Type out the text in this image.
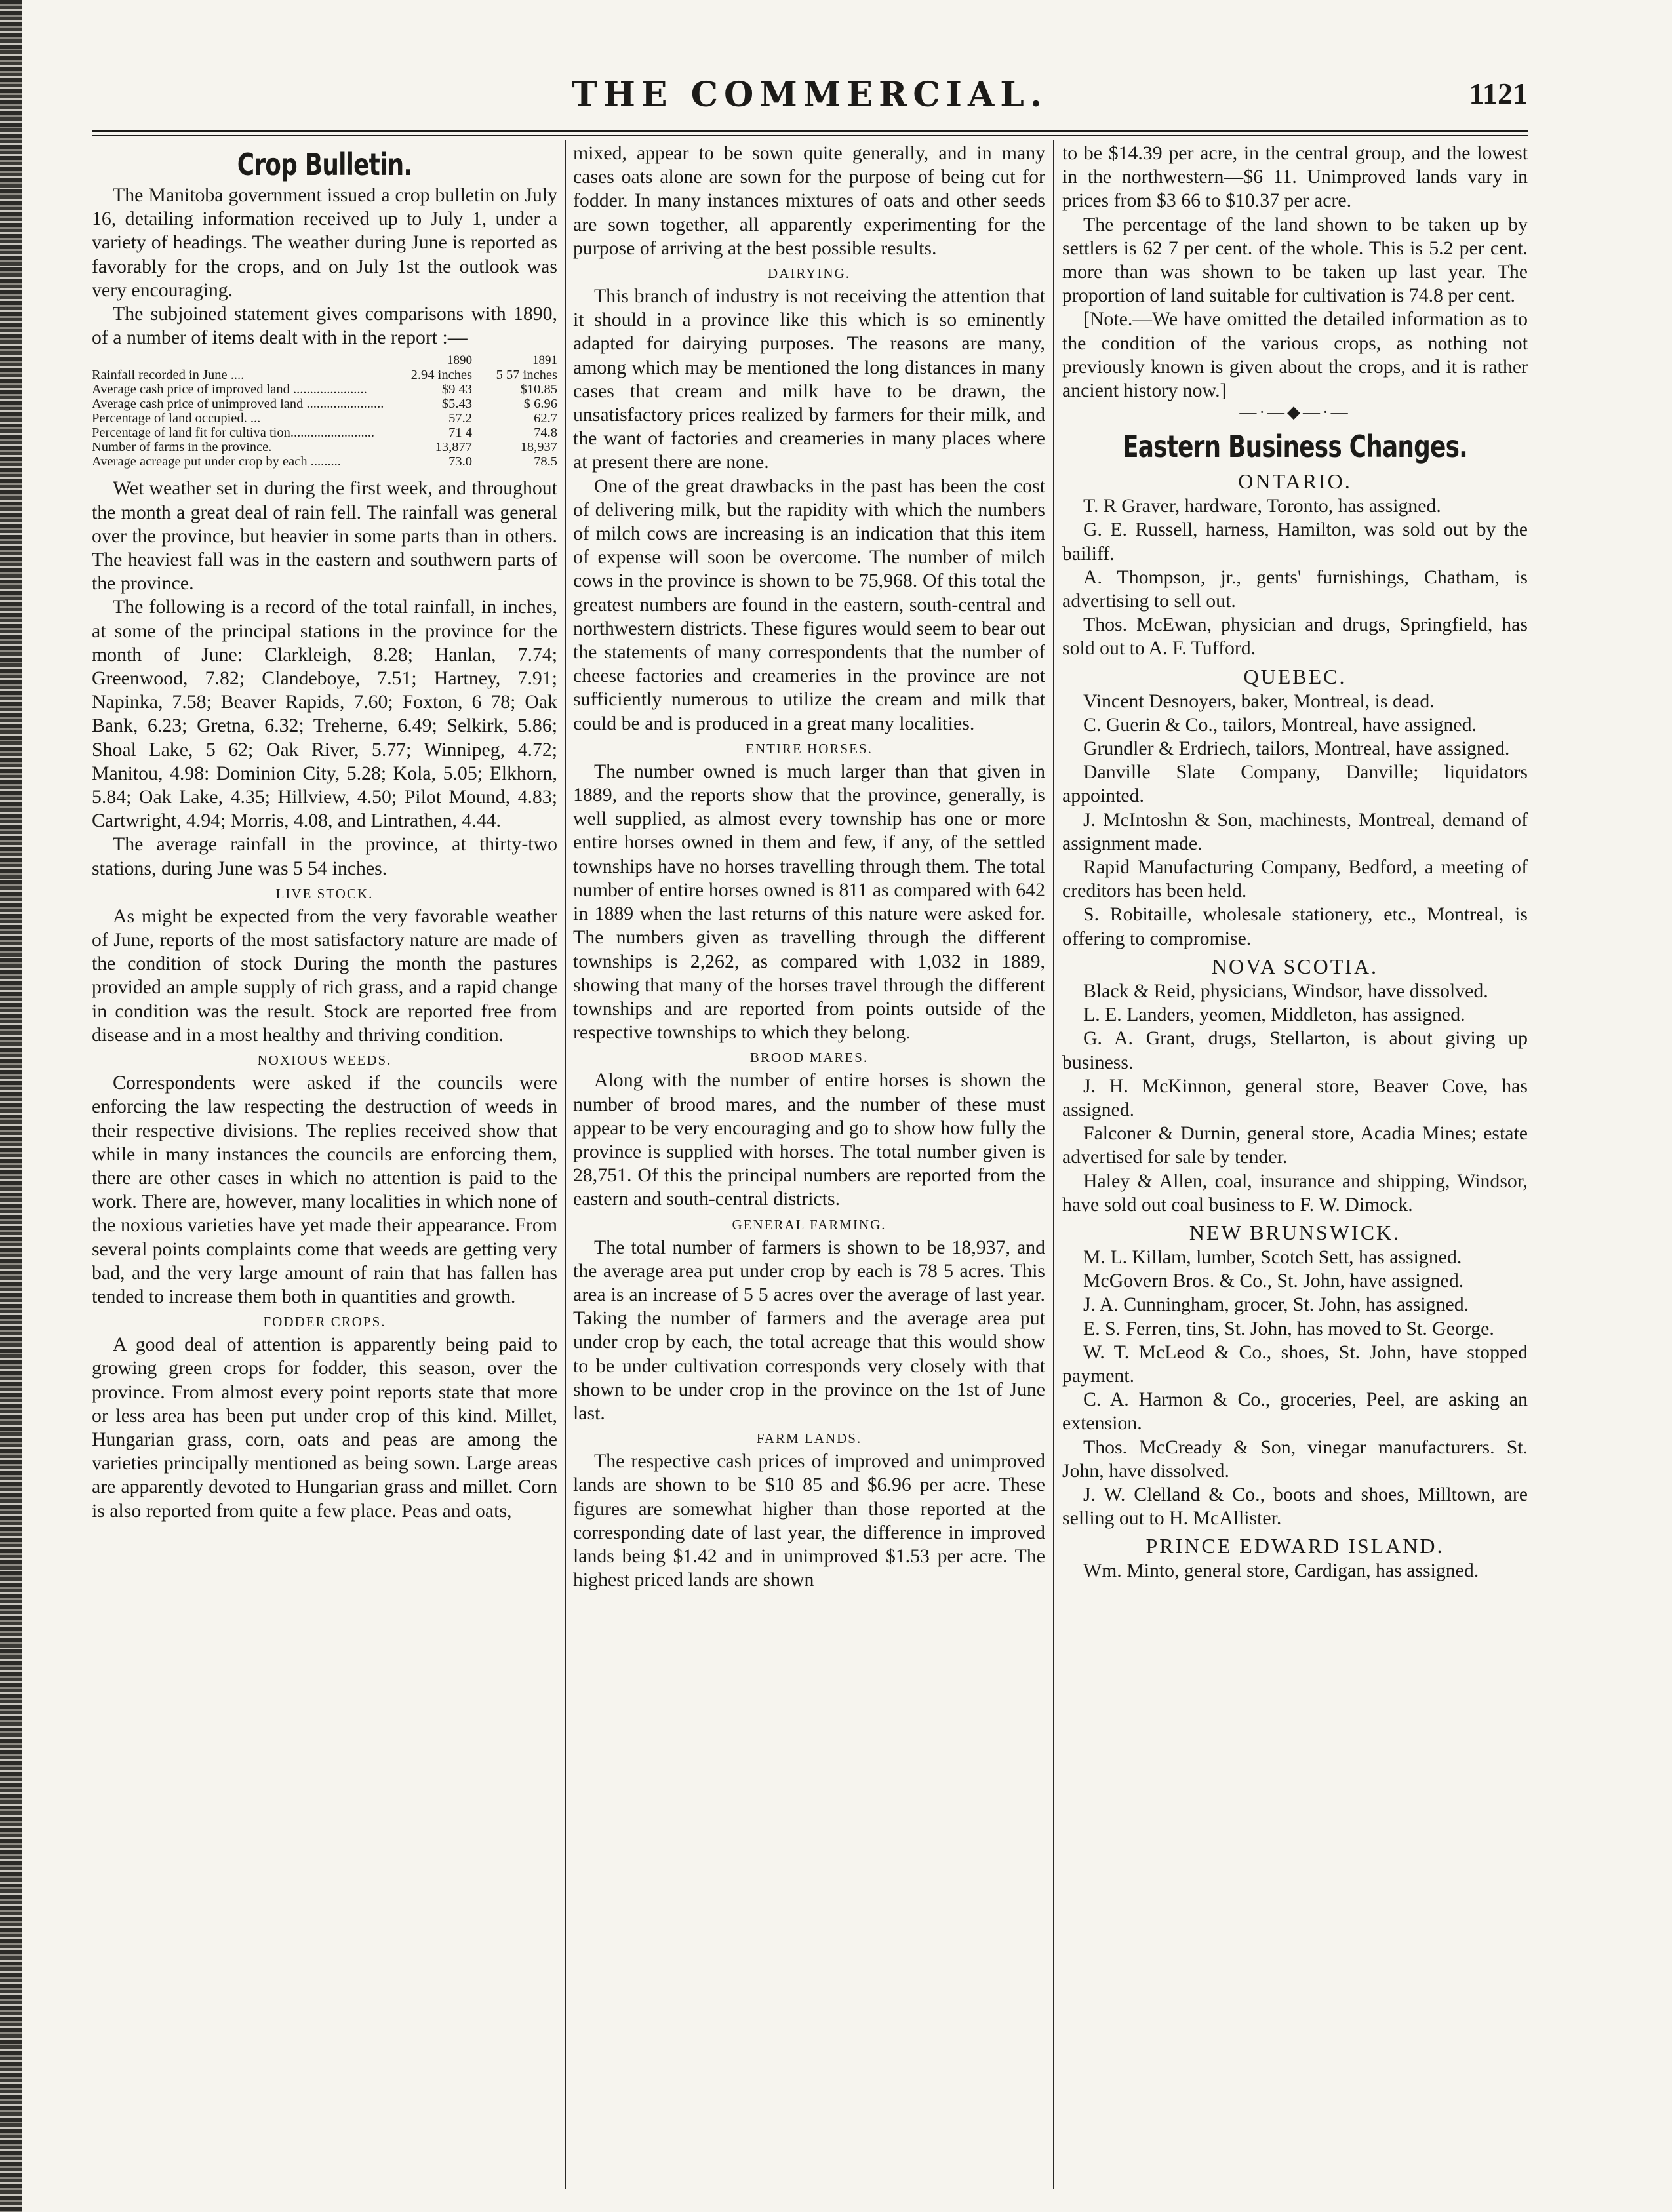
THE COMMERCIAL.	1121
Crop Bulletin.

The Manitoba government issued a crop bulletin on July 16, detailing information received up to July 1, under a variety of headings. The weather during June is reported as favorably for the crops, and on July 1st the outlook was very encouraging.

The subjoined statement gives comparisons with 1890, of a number of items dealt with in the report :—

	1890	1891
Rainfall recorded in June ....	2.94 inches	5 57 inches
Average cash price of improved land ......................	$9 43	$10.85
Average cash price of unimproved land .......................	$5.43	$ 6.96
Percentage of land occupied. ...	57.2	62.7
Percentage of land fit for cultiva tion.........................	71 4	74.8
Number of farms in the province.	13,877	18,937
Average acreage put under crop by each .........	73.0	78.5

Wet weather set in during the first week, and throughout the month a great deal of rain fell. The rainfall was general over the province, but heavier in some parts than in others. The heaviest fall was in the eastern and southwern parts of the province.

The following is a record of the total rainfall, in inches, at some of the principal stations in the province for the month of June: Clarkleigh, 8.28; Hanlan, 7.74; Greenwood, 7.82; Clandeboye, 7.51; Hartney, 7.91; Napinka, 7.58; Beaver Rapids, 7.60; Foxton, 6 78; Oak Bank, 6.23; Gretna, 6.32; Treherne, 6.49; Selkirk, 5.86; Shoal Lake, 5 62; Oak River, 5.77; Winnipeg, 4.72; Manitou, 4.98: Dominion City, 5.28; Kola, 5.05; Elkhorn, 5.84; Oak Lake, 4.35; Hillview, 4.50; Pilot Mound, 4.83; Cartwright, 4.94; Morris, 4.08, and Lintrathen, 4.44.

The average rainfall in the province, at thirty-two stations, during June was 5 54 inches.

LIVE STOCK.

As might be expected from the very favorable weather of June, reports of the most satisfactory nature are made of the condition of stock During the month the pastures provided an ample supply of rich grass, and a rapid change in condition was the result. Stock are reported free from disease and in a most healthy and thriving condition.

NOXIOUS WEEDS.

Correspondents were asked if the councils were enforcing the law respecting the destruction of weeds in their respective divisions. The replies received show that while in many instances the councils are enforcing them, there are other cases in which no attention is paid to the work. There are, however, many localities in which none of the noxious varieties have yet made their appearance. From several points complaints come that weeds are getting very bad, and the very large amount of rain that has fallen has tended to increase them both in quantities and growth.

FODDER CROPS.

A good deal of attention is apparently being paid to growing green crops for fodder, this season, over the province. From almost every point reports state that more or less area has been put under crop of this kind. Millet, Hungarian grass, corn, oats and peas are among the varieties principally mentioned as being sown. Large areas are apparently devoted to Hungarian grass and millet. Corn is also reported from quite a few place. Peas and oats,

mixed, appear to be sown quite generally, and in many cases oats alone are sown for the purpose of being cut for fodder. In many instances mixtures of oats and other seeds are sown together, all apparently experimenting for the purpose of arriving at the best possible results.

DAIRYING.

This branch of industry is not receiving the attention that it should in a province like this which is so eminently adapted for dairying purposes. The reasons are many, among which may be mentioned the long distances in many cases that cream and milk have to be drawn, the unsatisfactory prices realized by farmers for their milk, and the want of factories and creameries in many places where at present there are none.

One of the great drawbacks in the past has been the cost of delivering milk, but the rapidity with which the numbers of milch cows are increasing is an indication that this item of expense will soon be overcome. The number of milch cows in the province is shown to be 75,968. Of this total the greatest numbers are found in the eastern, south-central and northwestern districts. These figures would seem to bear out the statements of many correspondents that the number of cheese factories and creameries in the province are not sufficiently numerous to utilize the cream and milk that could be and is produced in a great many localities.

ENTIRE HORSES.

The number owned is much larger than that given in 1889, and the reports show that the province, generally, is well supplied, as almost every township has one or more entire horses owned in them and few, if any, of the settled townships have no horses travelling through them. The total number of entire horses owned is 811 as compared with 642 in 1889 when the last returns of this nature were asked for. The numbers given as travelling through the different townships is 2,262, as compared with 1,032 in 1889, showing that many of the horses travel through the different townships and are reported from points outside of the respective townships to which they belong.

BROOD MARES.

Along with the number of entire horses is shown the number of brood mares, and the number of these must appear to be very encouraging and go to show how fully the province is supplied with horses. The total number given is 28,751. Of this the principal numbers are reported from the eastern and south-central districts.

GENERAL FARMING.

The total number of farmers is shown to be 18,937, and the average area put under crop by each is 78 5 acres. This area is an increase of 5 5 acres over the average of last year. Taking the number of farmers and the average area put under crop by each, the total acreage that this would show to be under cultivation corresponds very closely with that shown to be under crop in the province on the 1st of June last.

FARM LANDS.

The respective cash prices of improved and unimproved lands are shown to be $10 85 and $6.96 per acre. These figures are somewhat higher than those reported at the corresponding date of last year, the difference in improved lands being $1.42 and in unimproved $1.53 per acre. The highest priced lands are shown

to be $14.39 per acre, in the central group, and the lowest in the northwestern—$6 11. Unimproved lands vary in prices from $3 66 to $10.37 per acre.

The percentage of the land shown to be taken up by settlers is 62 7 per cent. of the whole. This is 5.2 per cent. more than was shown to be taken up last year. The proportion of land suitable for cultivation is 74.8 per cent.

[Note.—We have omitted the detailed information as to the condition of the various crops, as nothing not previously known is given about the crops, and it is rather ancient history now.]

—·—◆—·—
Eastern Business Changes.
ONTARIO.

T. R Graver, hardware, Toronto, has assigned.

G. E. Russell, harness, Hamilton, was sold out by the bailiff.

A. Thompson, jr., gents' furnishings, Chatham, is advertising to sell out.

Thos. McEwan, physician and drugs, Springfield, has sold out to A. F. Tufford.

QUEBEC.

Vincent Desnoyers, baker, Montreal, is dead.

C. Guerin & Co., tailors, Montreal, have assigned.

Grundler & Erdriech, tailors, Montreal, have assigned.

Danville Slate Company, Danville; liquidators appointed.

J. McIntoshn & Son, machinests, Montreal, demand of assignment made.

Rapid Manufacturing Company, Bedford, a meeting of creditors has been held.

S. Robitaille, wholesale stationery, etc., Montreal, is offering to compromise.

NOVA SCOTIA.

Black & Reid, physicians, Windsor, have dissolved.

L. E. Landers, yeomen, Middleton, has assigned.

G. A. Grant, drugs, Stellarton, is about giving up business.

J. H. McKinnon, general store, Beaver Cove, has assigned.

Falconer & Durnin, general store, Acadia Mines; estate advertised for sale by tender.

Haley & Allen, coal, insurance and shipping, Windsor, have sold out coal business to F. W. Dimock.

NEW BRUNSWICK.

M. L. Killam, lumber, Scotch Sett, has assigned.

McGovern Bros. & Co., St. John, have assigned.

J. A. Cunningham, grocer, St. John, has assigned.

E. S. Ferren, tins, St. John, has moved to St. George.

W. T. McLeod & Co., shoes, St. John, have stopped payment.

C. A. Harmon & Co., groceries, Peel, are asking an extension.

Thos. McCready & Son, vinegar manufacturers. St. John, have dissolved.

J. W. Clelland & Co., boots and shoes, Milltown, are selling out to H. McAllister.

PRINCE EDWARD ISLAND.

Wm. Minto, general store, Cardigan, has assigned.
